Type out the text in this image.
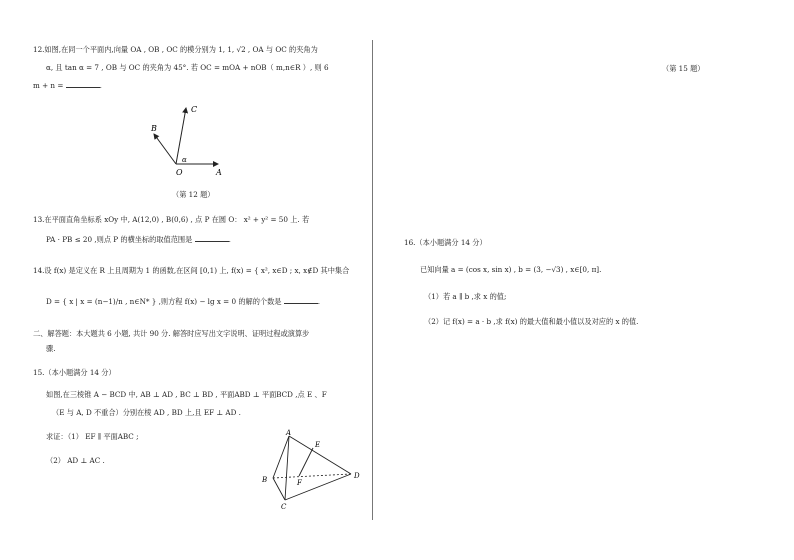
12.如图,在同一个平面内,向量 OA , OB , OC 的模分别为 1, 1, √2 , OA 与 OC 的夹角为
α, 且 tan α = 7 , OB 与 OC 的夹角为 45°. 若 OC = mOA + nOB（ m,n∈R ）, 则 6
m + n =	.
A
B
C
O
α
（第 12 题）
13.在平面直角坐标系 xOy 中, A(12,0) , B(0,6) , 点 P 在圆 O： x² + y² = 50 上. 若
PA · PB ≤ 20 ,则点 P 的横坐标的取值范围是	.
14.设 f(x) 是定义在 R 上且周期为 1 的函数,在区间 [0,1) 上, f(x) = { x², x∈D ; x, x∉D 其中集合
D = { x | x = (n−1)/n , n∈N* } ,则方程 f(x) − lg x = 0 的解的个数是	.
二、解答题：本大题共 6 小题, 共计 90 分. 解答时应写出文字说明、证明过程或演算步
骤.
15.（本小题满分 14 分）
如图,在三棱锥 A − BCD 中, AB ⊥ AD , BC ⊥ BD , 平面ABD ⊥ 平面BCD ,点 E 、F
（E 与 A, D 不重合）分别在棱 AD , BD 上,且 EF ⊥ AD .
求证：（1） EF ∥ 平面ABC ;
（2） AD ⊥ AC .
A
B
C
D
E
F
（第 15 题）
16.（本小题满分 14 分）
已知向量 a = (cos x, sin x) , b = (3, −√3) , x∈[0, π].
（1）若 a ∥ b ,求 x 的值;
（2）记 f(x) = a · b ,求 f(x) 的最大值和最小值以及对应的 x 的值.
